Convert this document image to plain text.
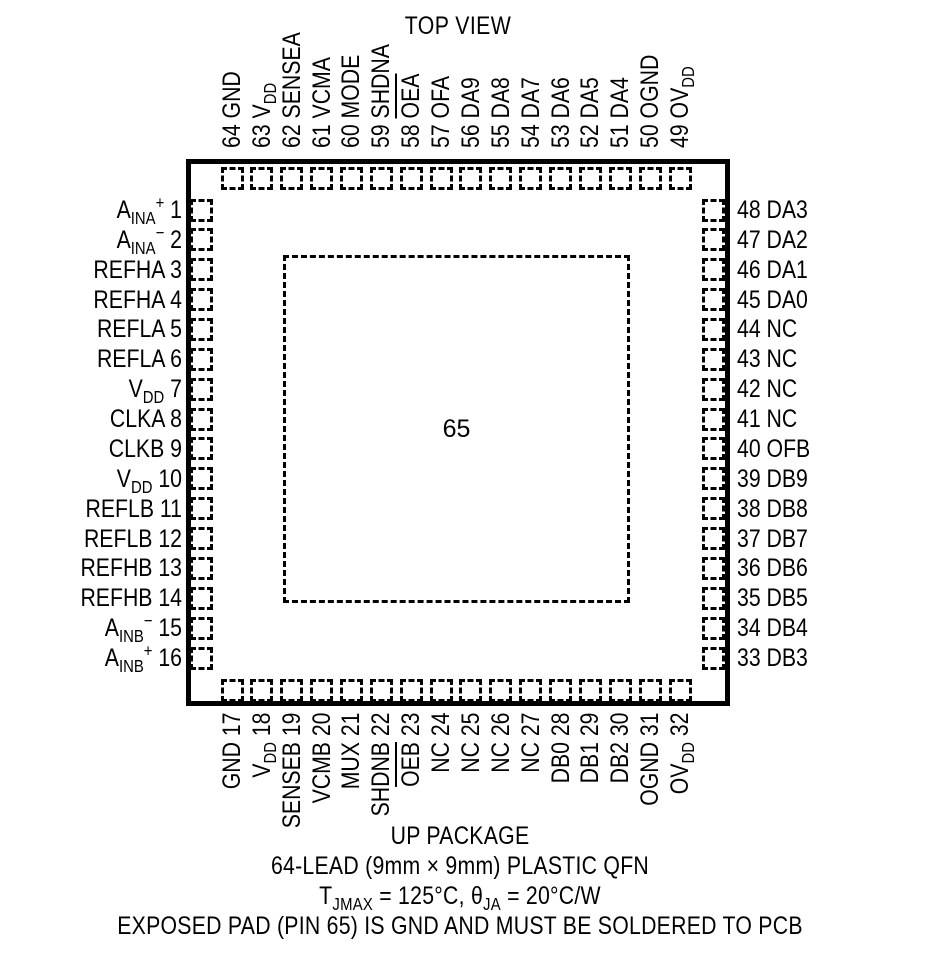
TOP VIEW
65
UP PACKAGE
64-LEAD (9mm × 9mm) PLASTIC QFN
$T_{JMAX} = 125^\circ C$, $\theta_{JA} = 20^\circ C/W$
EXPOSED PAD (PIN 65) IS GND AND MUST BE SOLDERED TO PCB
64 GND 63 $V_{DD}$
62 SENSEA 61 VCMA 60 MODE 59 SHDNA 58 $\overline{OEA}$ 57 OFA 56 DA9 55 DA8 54 DA7 53 DA6 52 DA5 51 DA4 50 OGND 49 $OV_{DD}$
GND 17 $V_{DD}$ 18 SENSEB 19 VCMB 20 MUX 21 SHDNB 22 $\overline{OEB}$ 23 NC 24 NC 25 NC 26 NC 27 DB0 28 DB1 29 DB2 30 OGND 31 $OV_{DD}$ 32
$A_{INA}^+$ 1
$A_{INA}^-$ 2
REFHA 3
REFHA 4
REFLA 5
REFLA 6
$V_{DD}$ 7
CLKA 8
CLKB 9
$V_{DD}$ 10
REFLB 11
REFLB 12
REFHB 13
REFHB 14
$A_{INB}^-$ 15
$A_{INB}^+$ 16
48 DA3
47 DA2
46 DA1
45 DA0
44 NC
43 NC
42 NC
41 NC
40 OFB
39 DB9
38 DB8
37 DB7
36 DB6
35 DB5
34 DB4
33 DB3
